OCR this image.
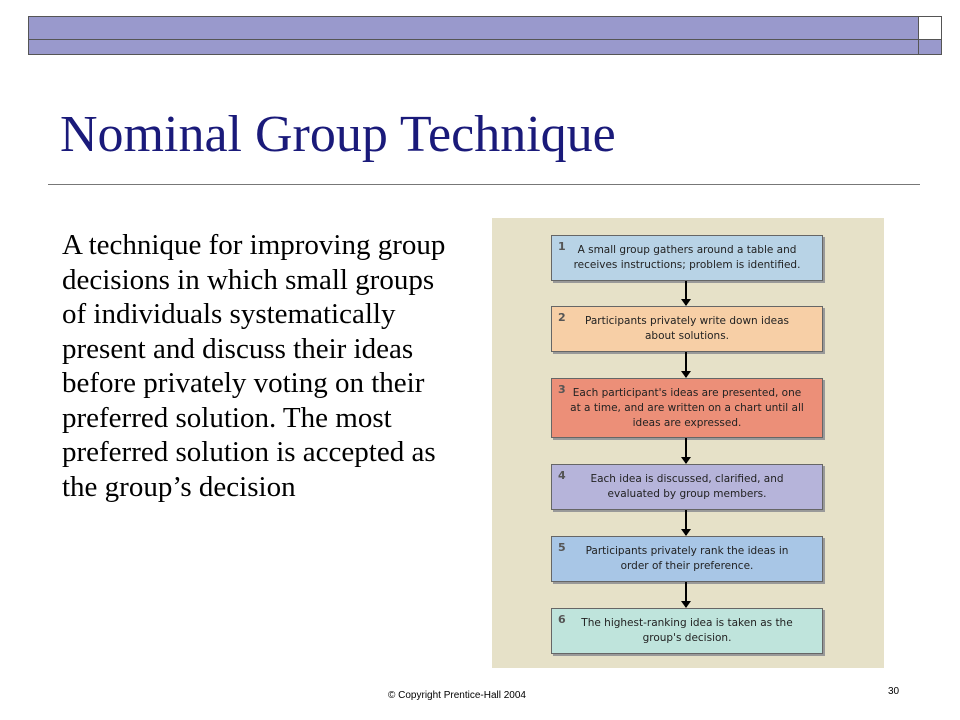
Nominal Group Technique
A technique for improving group decisions in which small groups of individuals systematically present and discuss their ideas before privately voting on their preferred solution. The most preferred solution is accepted as the group’s decision
1	A small group gathers around a table and receives instructions; problem is identified.
2	Participants privately write down ideas about solutions.
3 Each participant's ideas are presented, one at a time, and are written on a chart until all ideas are expressed.
4	Each idea is discussed, clarified, and evaluated by group members.
5	Participants privately rank the ideas in order of their preference.
6	The highest-ranking idea is taken as the group's decision.
© Copyright Prentice-Hall 2004	30
